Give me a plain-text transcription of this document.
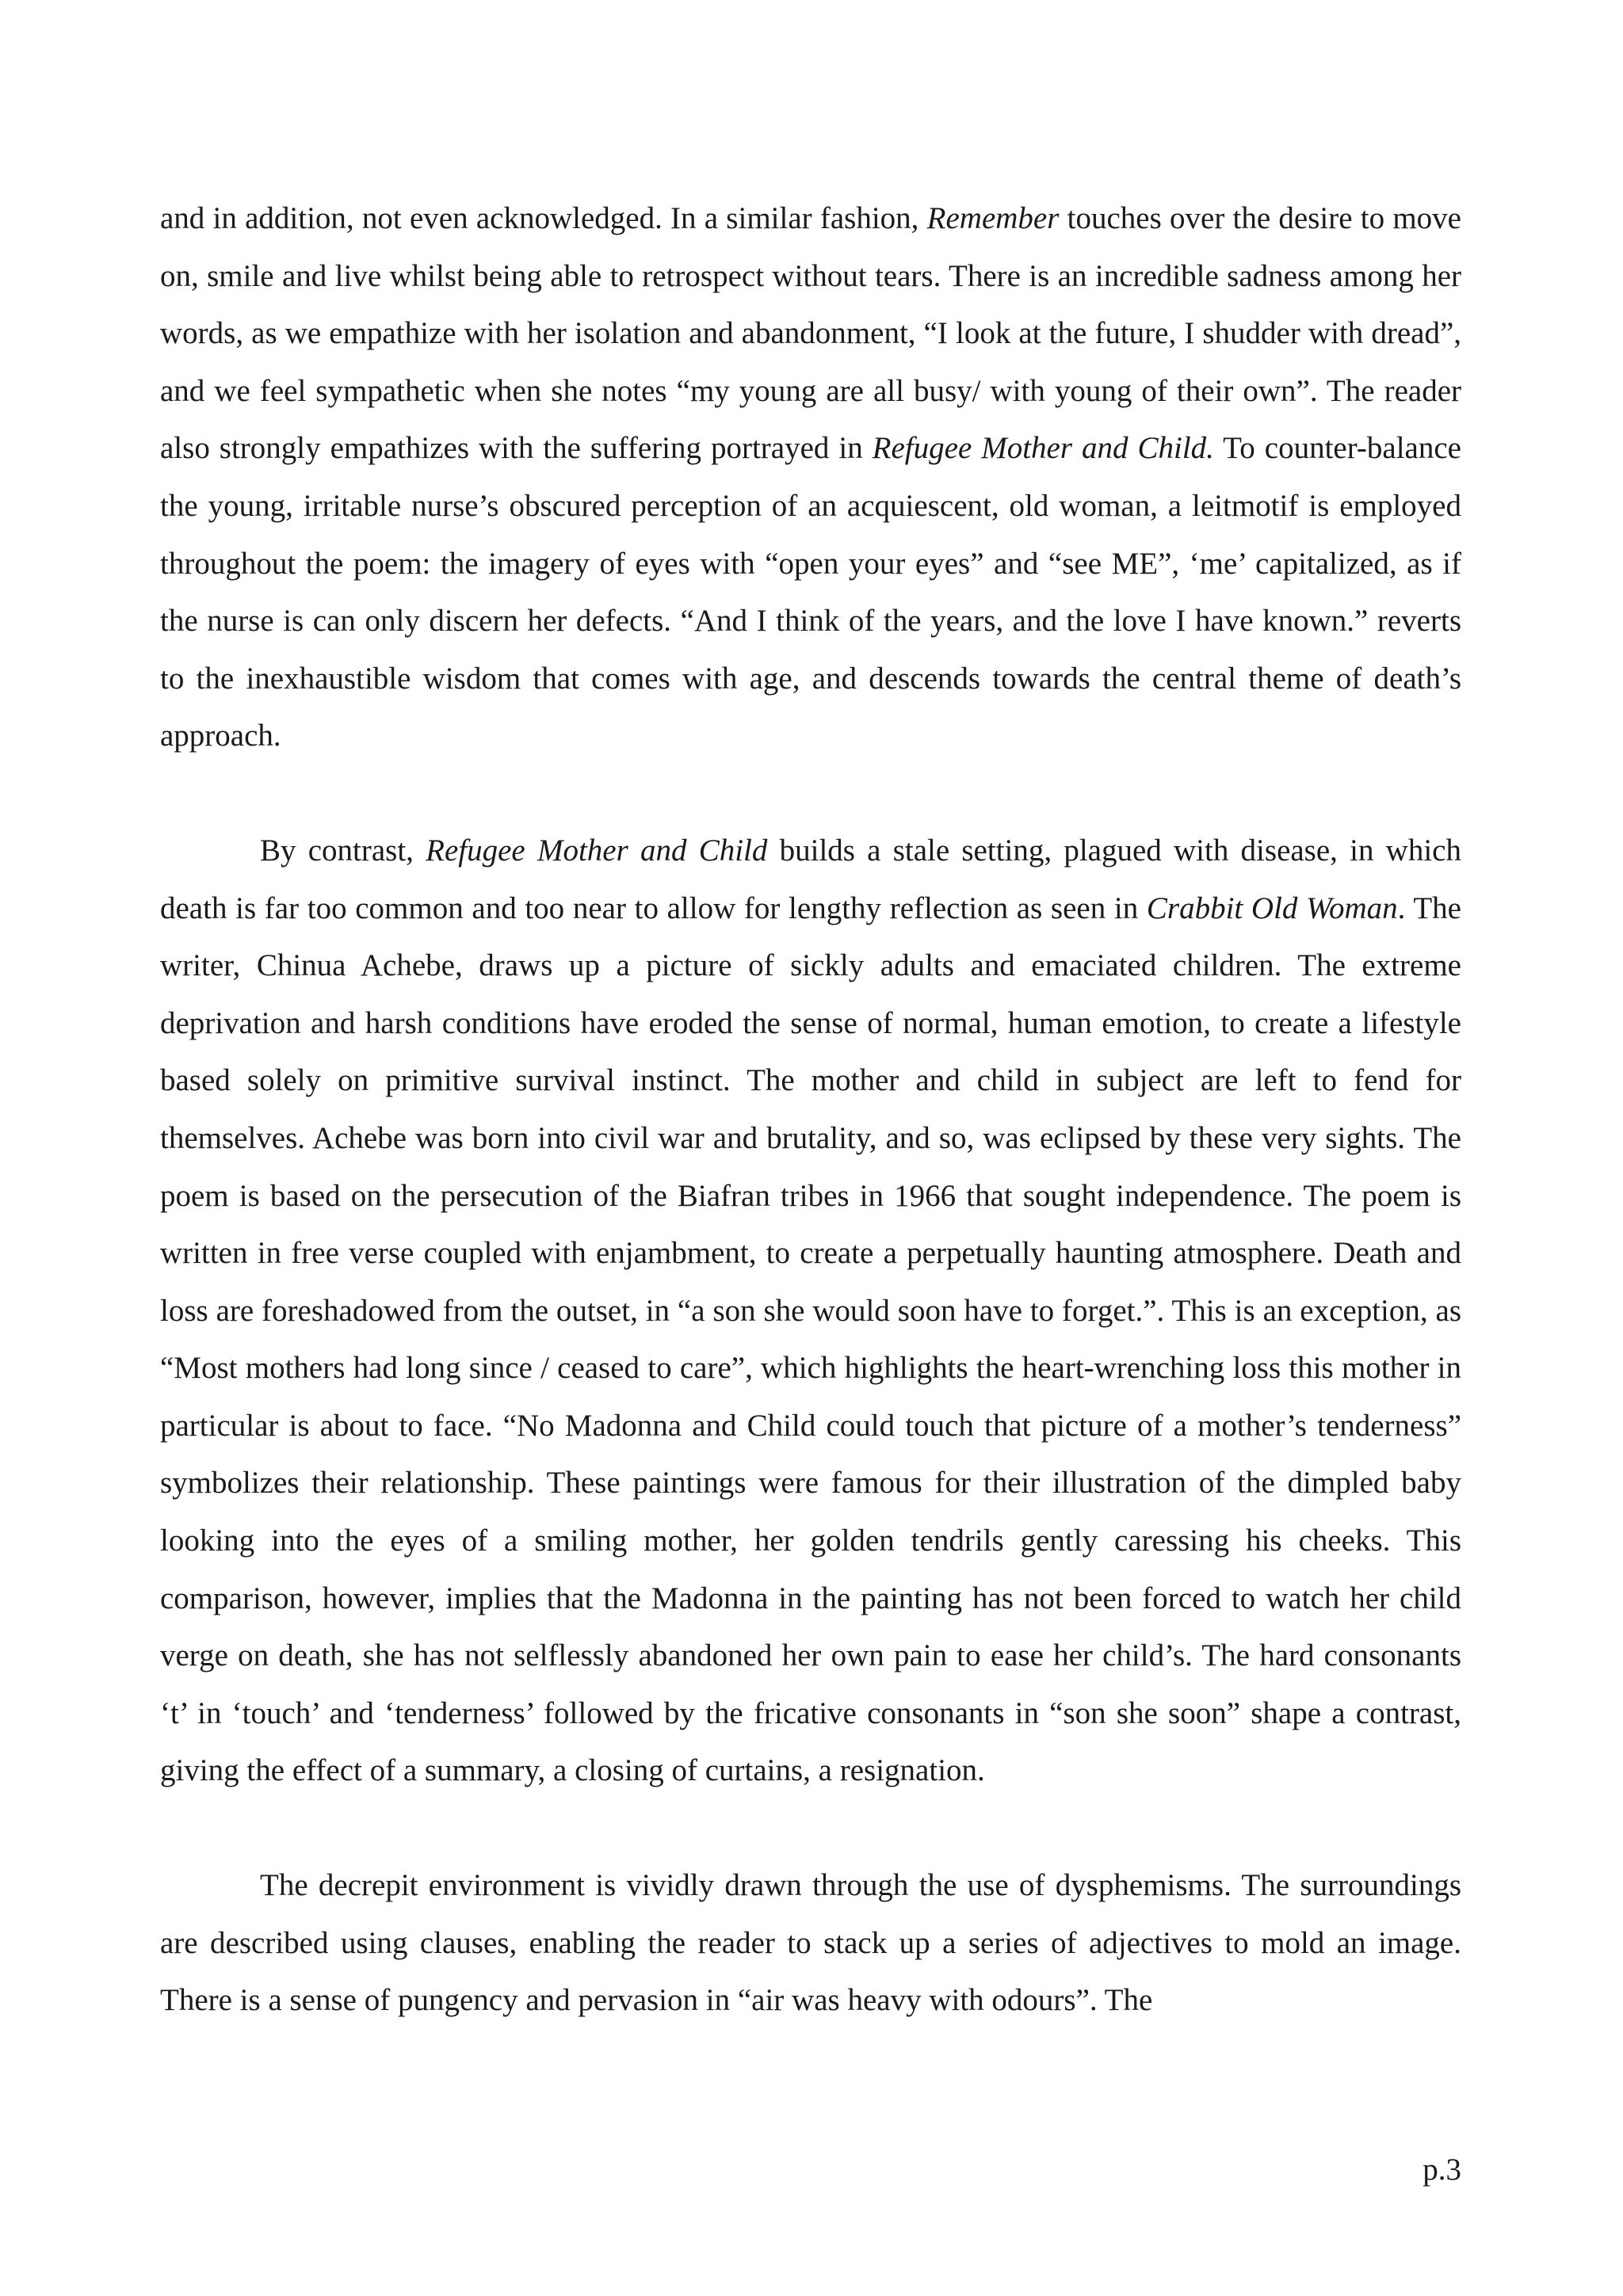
and in addition, not even acknowledged. In a similar fashion, Remember touches over the desire to move on, smile and live whilst being able to retrospect without tears. There is an incredible sadness among her words, as we empathize with her isolation and abandonment, “I look at the future, I shudder with dread”, and we feel sympathetic when she notes “my young are all busy/ with young of their own”. The reader also strongly empathizes with the suffering portrayed in Refugee Mother and Child. To counter-balance the young, irritable nurse’s obscured perception of an acquiescent, old woman, a leitmotif is employed throughout the poem: the imagery of eyes with “open your eyes” and “see ME”, ‘me’ capitalized, as if the nurse is can only discern her defects. “And I think of the years, and the love I have known.” reverts to the inexhaustible wisdom that comes with age, and descends towards the central theme of death’s approach.

By contrast, Refugee Mother and Child builds a stale setting, plagued with disease, in which death is far too common and too near to allow for lengthy reflection as seen in Crabbit Old Woman. The writer, Chinua Achebe, draws up a picture of sickly adults and emaciated children. The extreme deprivation and harsh conditions have eroded the sense of normal, human emotion, to create a lifestyle based solely on primitive survival instinct. The mother and child in subject are left to fend for themselves. Achebe was born into civil war and brutality, and so, was eclipsed by these very sights. The poem is based on the persecution of the Biafran tribes in 1966 that sought independence. The poem is written in free verse coupled with enjambment, to create a perpetually haunting atmosphere. Death and loss are foreshadowed from the outset, in “a son she would soon have to forget.”. This is an exception, as “Most mothers had long since / ceased to care”, which highlights the heart-wrenching loss this mother in particular is about to face. “No Madonna and Child could touch that picture of a mother’s tenderness” symbolizes their relationship. These paintings were famous for their illustration of the dimpled baby looking into the eyes of a smiling mother, her golden tendrils gently caressing his cheeks. This comparison, however, implies that the Madonna in the painting has not been forced to watch her child verge on death, she has not selflessly abandoned her own pain to ease her child’s. The hard consonants ‘t’ in ‘touch’ and ‘tenderness’ followed by the fricative consonants in “son she soon” shape a contrast, giving the effect of a summary, a closing of curtains, a resignation.

The decrepit environment is vividly drawn through the use of dysphemisms. The surroundings are described using clauses, enabling the reader to stack up a series of adjectives to mold an image. There is a sense of pungency and pervasion in “air was heavy with odours”. The

p.3
